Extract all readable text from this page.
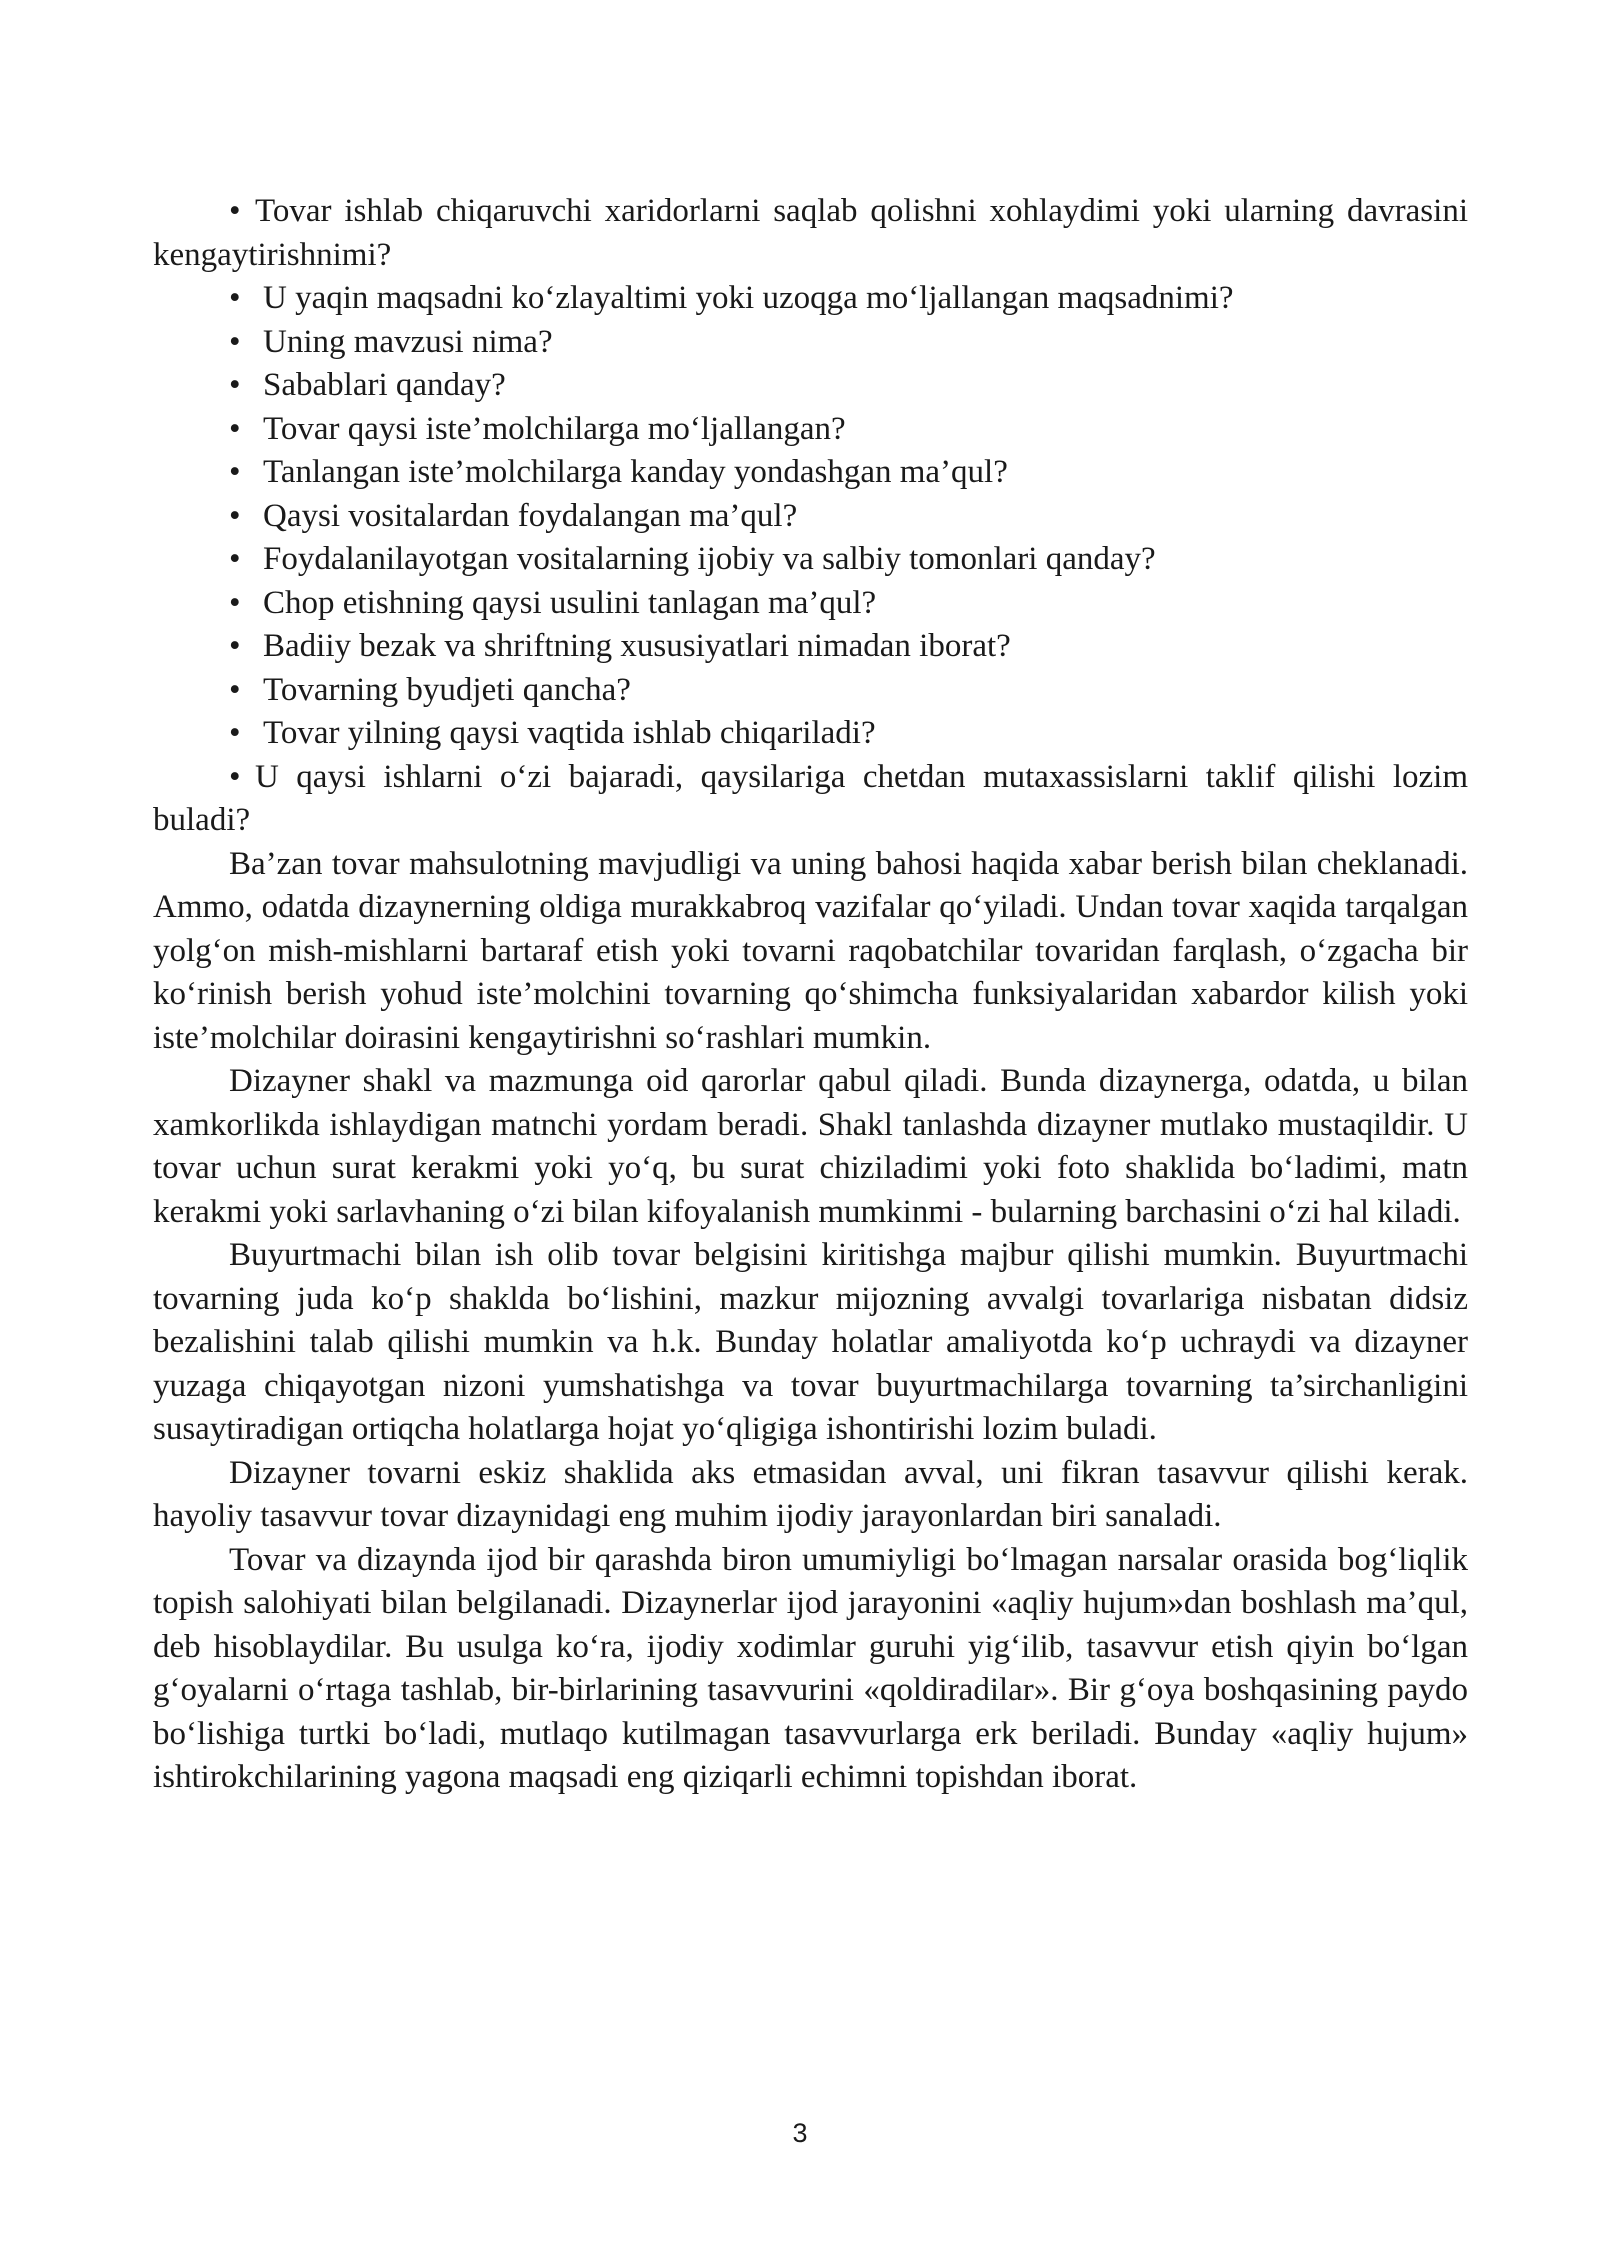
• Tovar ishlab chiqaruvchi xaridorlarni saqlab qolishni xohlaydimi yoki ularning davrasini kengaytirishnimi?
• U yaqin maqsadni ko‘zlayaltimi yoki uzoqga mo‘ljallangan maqsadnimi?
• Uning mavzusi nima?
• Sabablari qanday?
• Tovar qaysi iste’molchilarga mo‘ljallangan?
• Tanlangan iste’molchilarga kanday yondashgan ma’qul?
• Qaysi vositalardan foydalangan ma’qul?
• Foydalanilayotgan vositalarning ijobiy va salbiy tomonlari qanday?
• Chop etishning qaysi usulini tanlagan ma’qul?
• Badiiy bezak va shriftning xususiyatlari nimadan iborat?
• Tovarning byudjeti qancha?
• Tovar yilning qaysi vaqtida ishlab chiqariladi?
• U qaysi ishlarni o‘zi bajaradi, qaysilariga chetdan mutaxassislarni taklif qilishi lozim buladi?

Ba’zan tovar mahsulotning mavjudligi va uning bahosi haqida xabar berish bilan cheklanadi. Ammo, odatda dizaynerning oldiga murakkabroq vazifalar qo‘yiladi. Undan tovar xaqida tarqalgan yolg‘on mish-mishlarni bartaraf etish yoki tovarni raqobatchilar tovaridan farqlash, o‘zgacha bir ko‘rinish berish yohud iste’molchini tovarning qo‘shimcha funksiyalaridan xabardor kilish yoki iste’molchilar doirasini kengaytirishni so‘rashlari mumkin.

Dizayner shakl va mazmunga oid qarorlar qabul qiladi. Bunda dizaynerga, odatda, u bilan xamkorlikda ishlaydigan matnchi yordam beradi. Shakl tanlashda dizayner mutlako mustaqildir. U tovar uchun surat kerakmi yoki yo‘q, bu surat chiziladimi yoki foto shaklida bo‘ladimi, matn kerakmi yoki sarlavhaning o‘zi bilan kifoyalanish mumkinmi - bularning barchasini o‘zi hal kiladi.

Buyurtmachi bilan ish olib tovar belgisini kiritishga majbur qilishi mumkin. Buyurtmachi tovarning juda ko‘p shaklda bo‘lishini, mazkur mijozning avvalgi tovarlariga nisbatan didsiz bezalishini talab qilishi mumkin va h.k. Bunday holatlar amaliyotda ko‘p uchraydi va dizayner yuzaga chiqayotgan nizoni yumshatishga va tovar buyurtmachilarga tovarning ta’sirchanligini susaytiradigan ortiqcha holatlarga hojat yo‘qligiga ishontirishi lozim buladi.

Dizayner tovarni eskiz shaklida aks etmasidan avval, uni fikran tasavvur qilishi kerak. hayoliy tasavvur tovar dizaynidagi eng muhim ijodiy jarayonlardan biri sanaladi.

Tovar va dizaynda ijod bir qarashda biron umumiyligi bo‘lmagan narsalar orasida bog‘liqlik topish salohiyati bilan belgilanadi. Dizaynerlar ijod jarayonini «aqliy hujum»dan boshlash ma’qul, deb hisoblaydilar. Bu usulga ko‘ra, ijodiy xodimlar guruhi yig‘ilib, tasavvur etish qiyin bo‘lgan g‘oyalarni o‘rtaga tashlab, bir-birlarining tasavvurini «qoldiradilar». Bir g‘oya boshqasining paydo bo‘lishiga turtki bo‘ladi, mutlaqo kutilmagan tasavvurlarga erk beriladi. Bunday «aqliy hujum» ishtirokchilarining yagona maqsadi eng qiziqarli echimni topishdan iborat.

3
